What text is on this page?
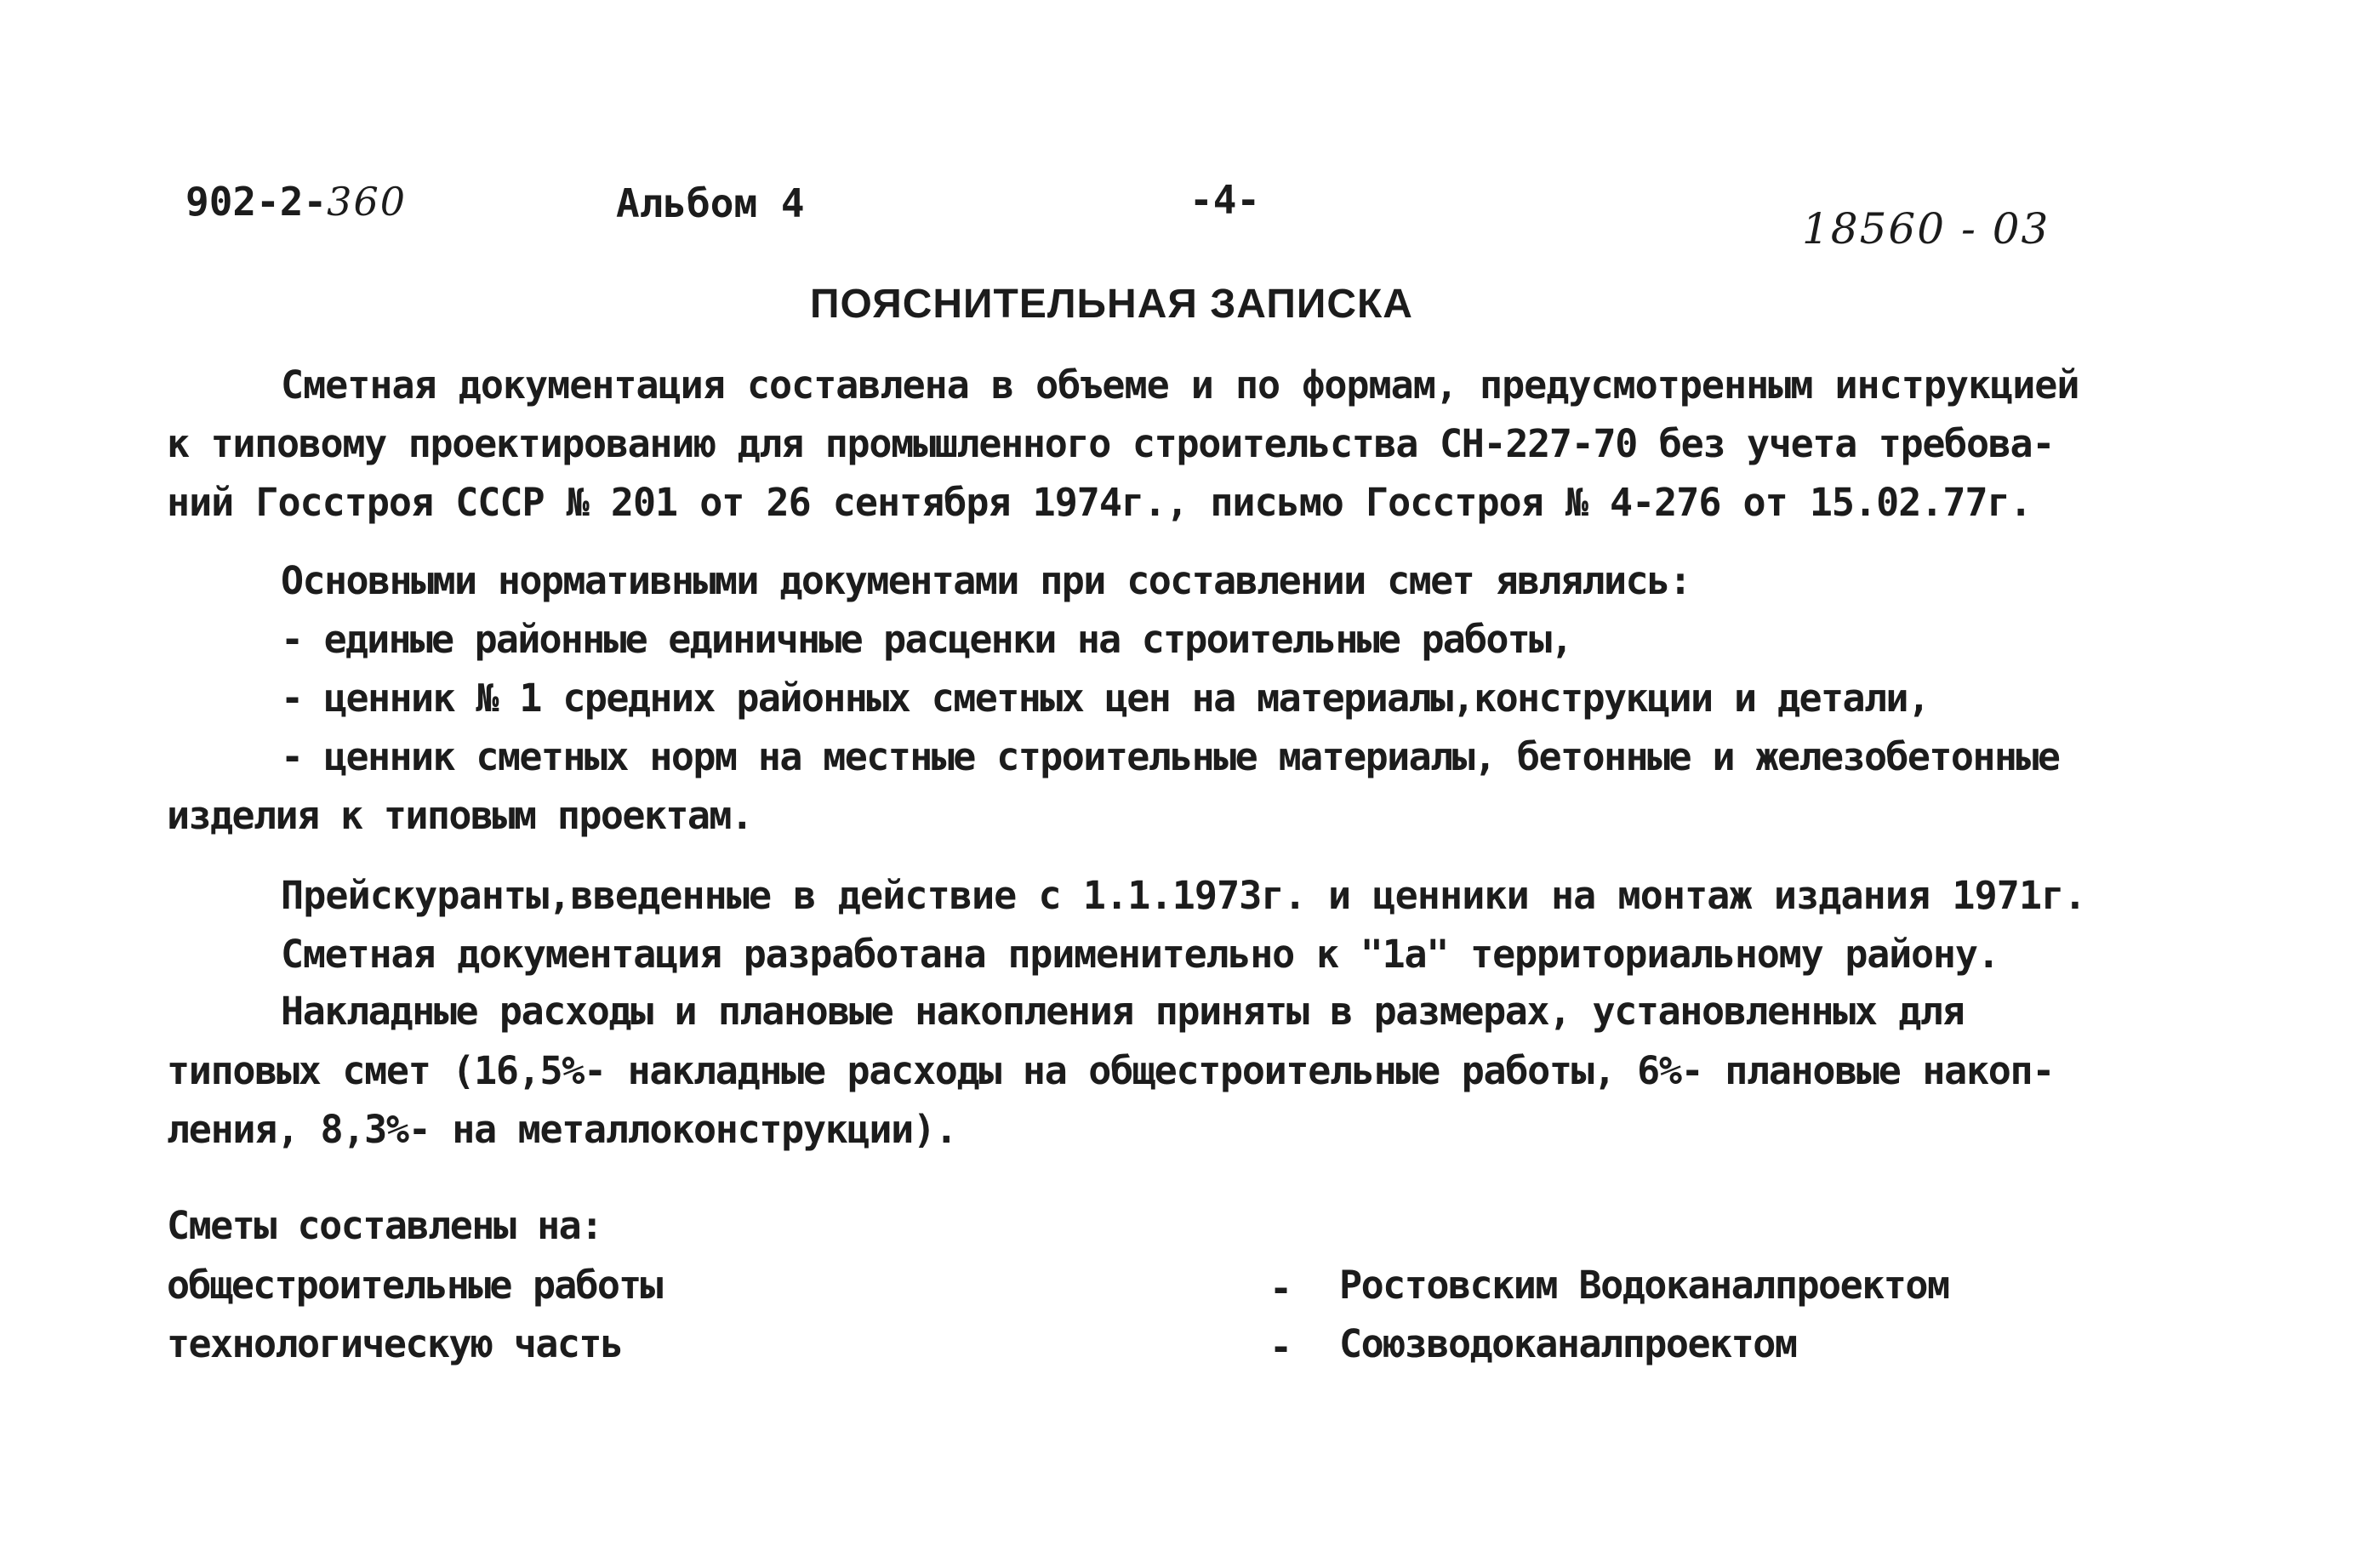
902-2-360	Альбом 4	-4-
18560 - 03
ПОЯСНИТЕЛЬНАЯ ЗАПИСКА
Сметная документация составлена в объеме и по формам, предусмотренным инструкцией
к типовому проектированию для промышленного строительства СН-227-70 без учета требова-
ний Госстроя СССР № 201 от 26 сентября 1974г., письмо Госстроя № 4-276 от 15.02.77г.
Основными нормативными документами при составлении смет являлись:
- единые районные единичные расценки на строительные работы,
- ценник № 1 средних районных сметных цен на материалы,конструкции и детали,
- ценник сметных норм на местные строительные материалы, бетонные и железобетонные
изделия к типовым проектам.
Прейскуранты,введенные в действие с 1.1.1973г. и ценники на монтаж издания 1971г.
Сметная документация разработана применительно к "1а" территориальному району.
Накладные расходы и плановые накопления приняты в размерах, установленных для
типовых смет (16,5%- накладные расходы на общестроительные работы, 6%- плановые накоп-
ления, 8,3%- на металлоконструкции).
Сметы составлены на:
общестроительные работы	- Ростовским Водоканалпроектом
технологическую часть	- Союзводоканалпроектом
